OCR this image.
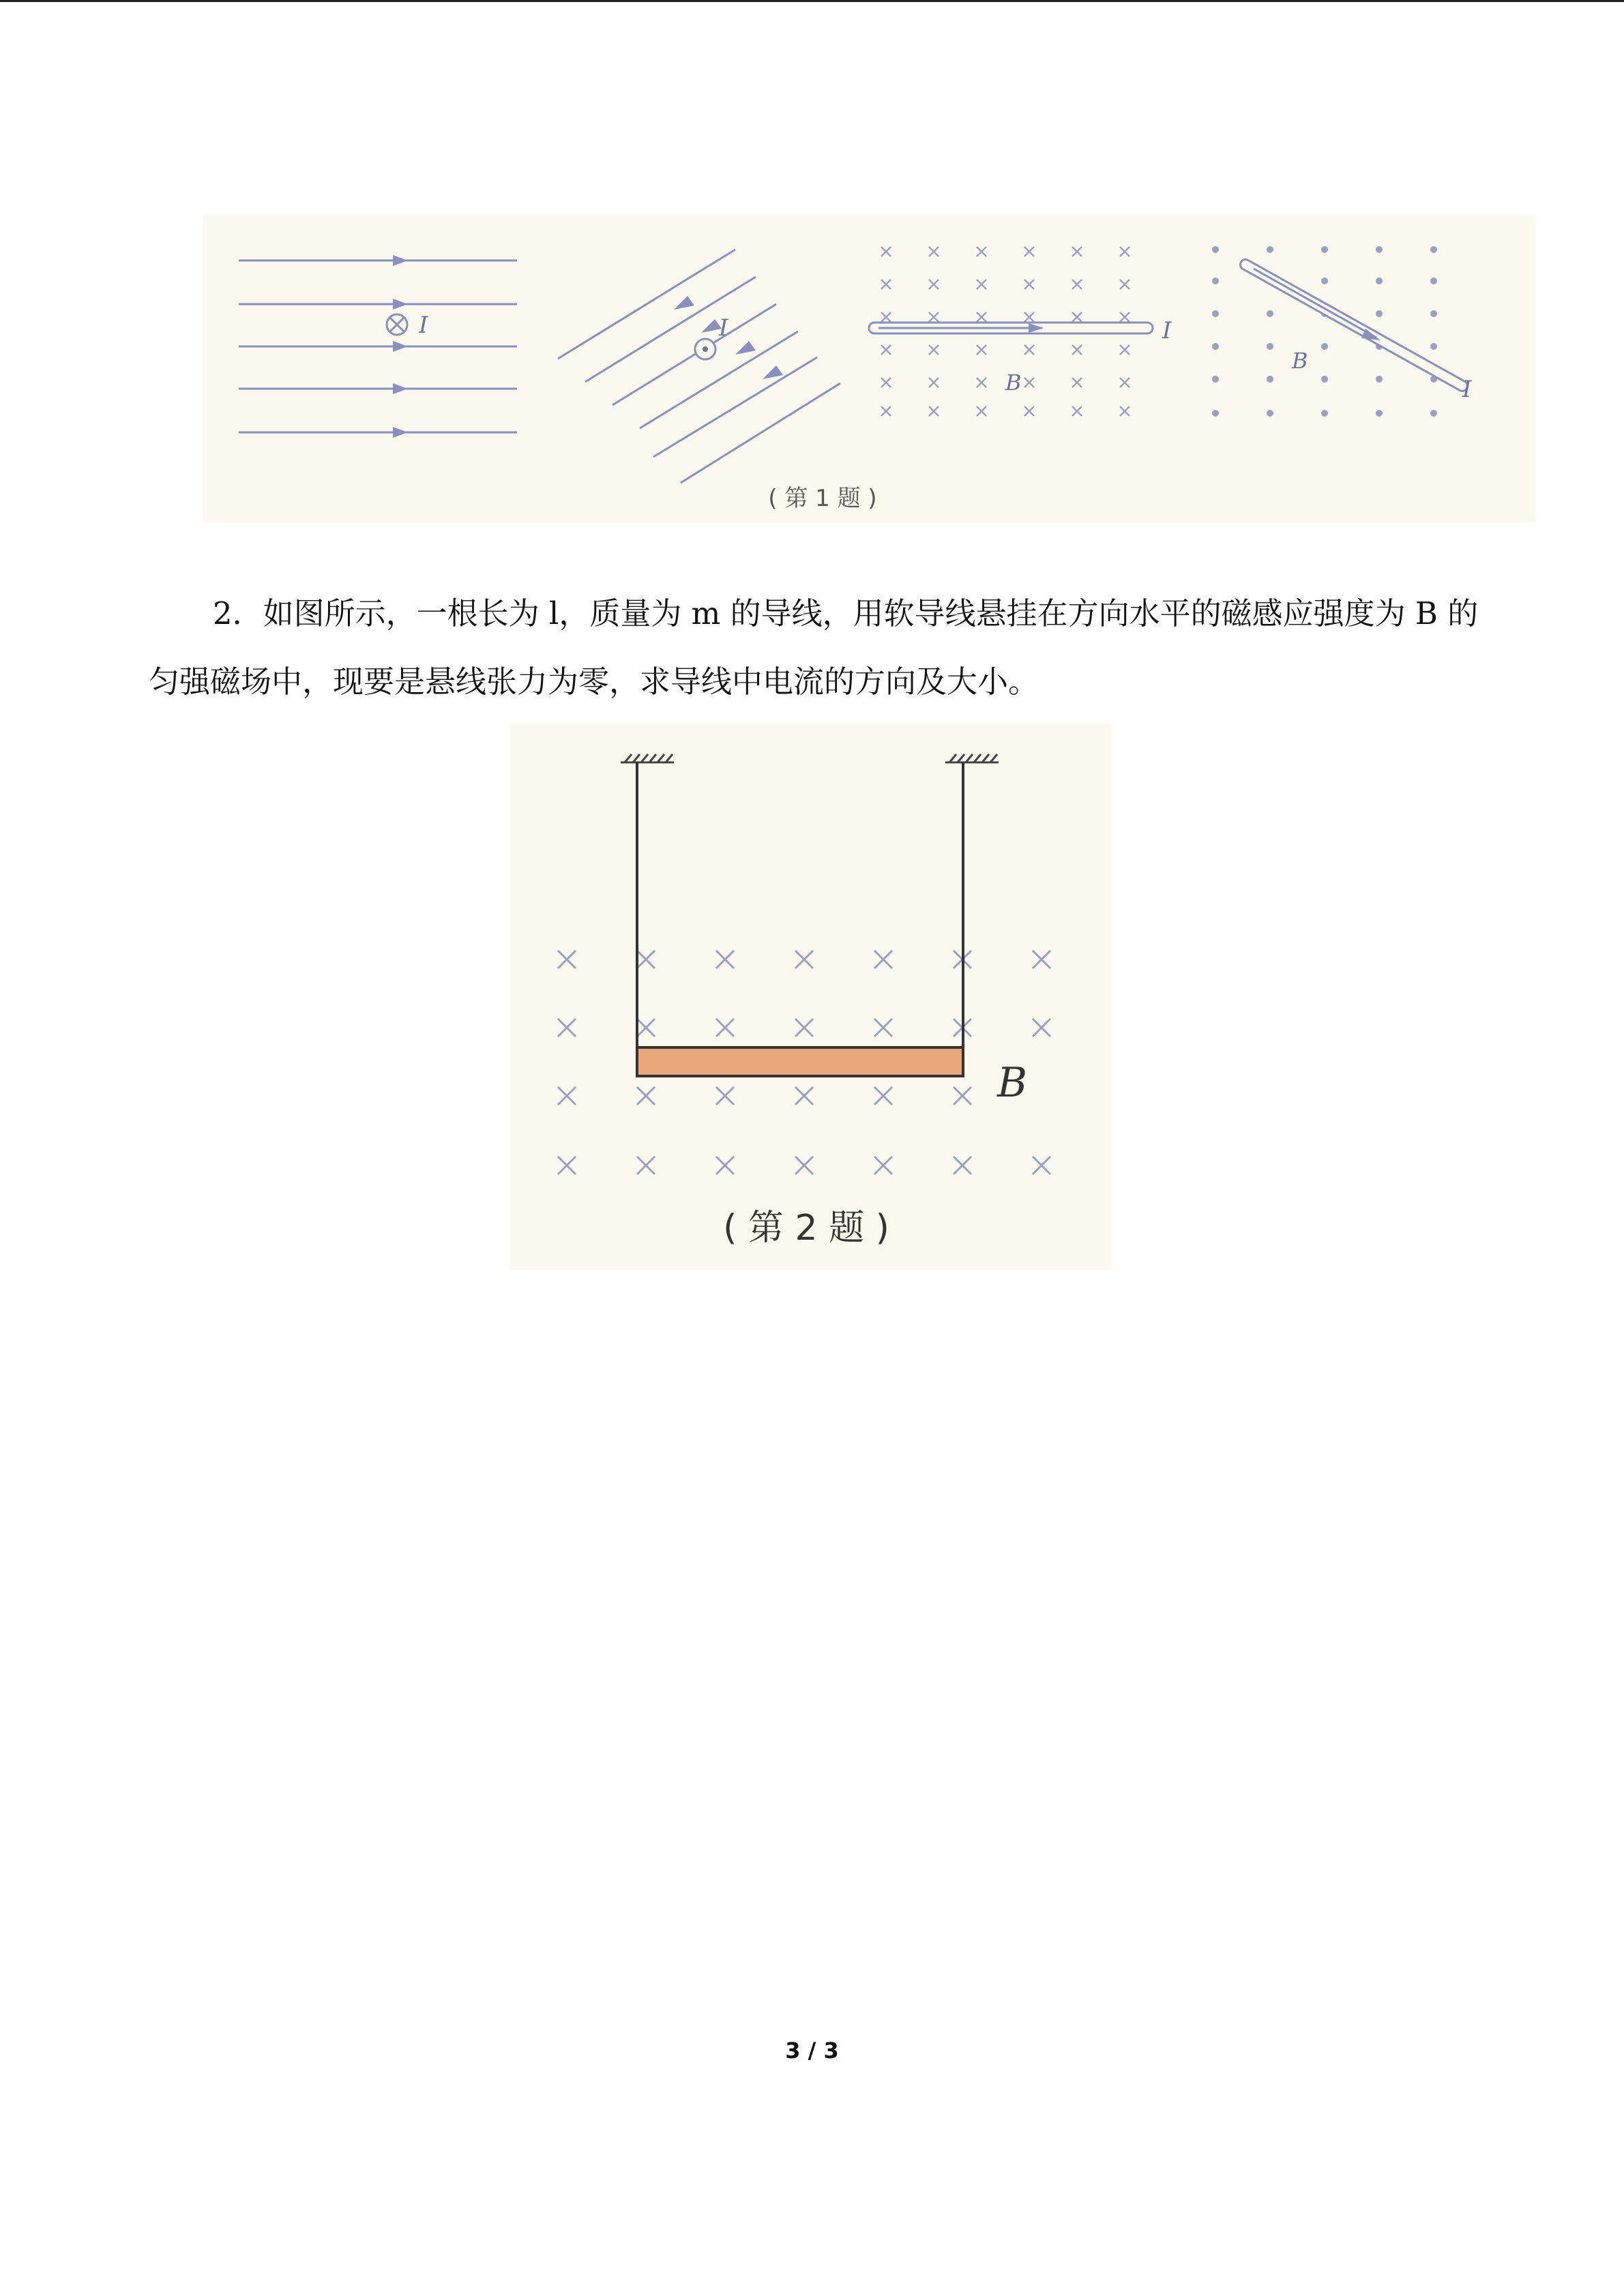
I	I	I
B
B
I
( 第 1 题 )
2．如图所示，一根长为 l，质量为 m 的导线，用软导线悬挂在方向水平的磁感应强度为 B 的匀强磁场中，现要是悬线张力为零，求导线中电流的方向及大小。
B
( 第 2 题 )
3 / 3
